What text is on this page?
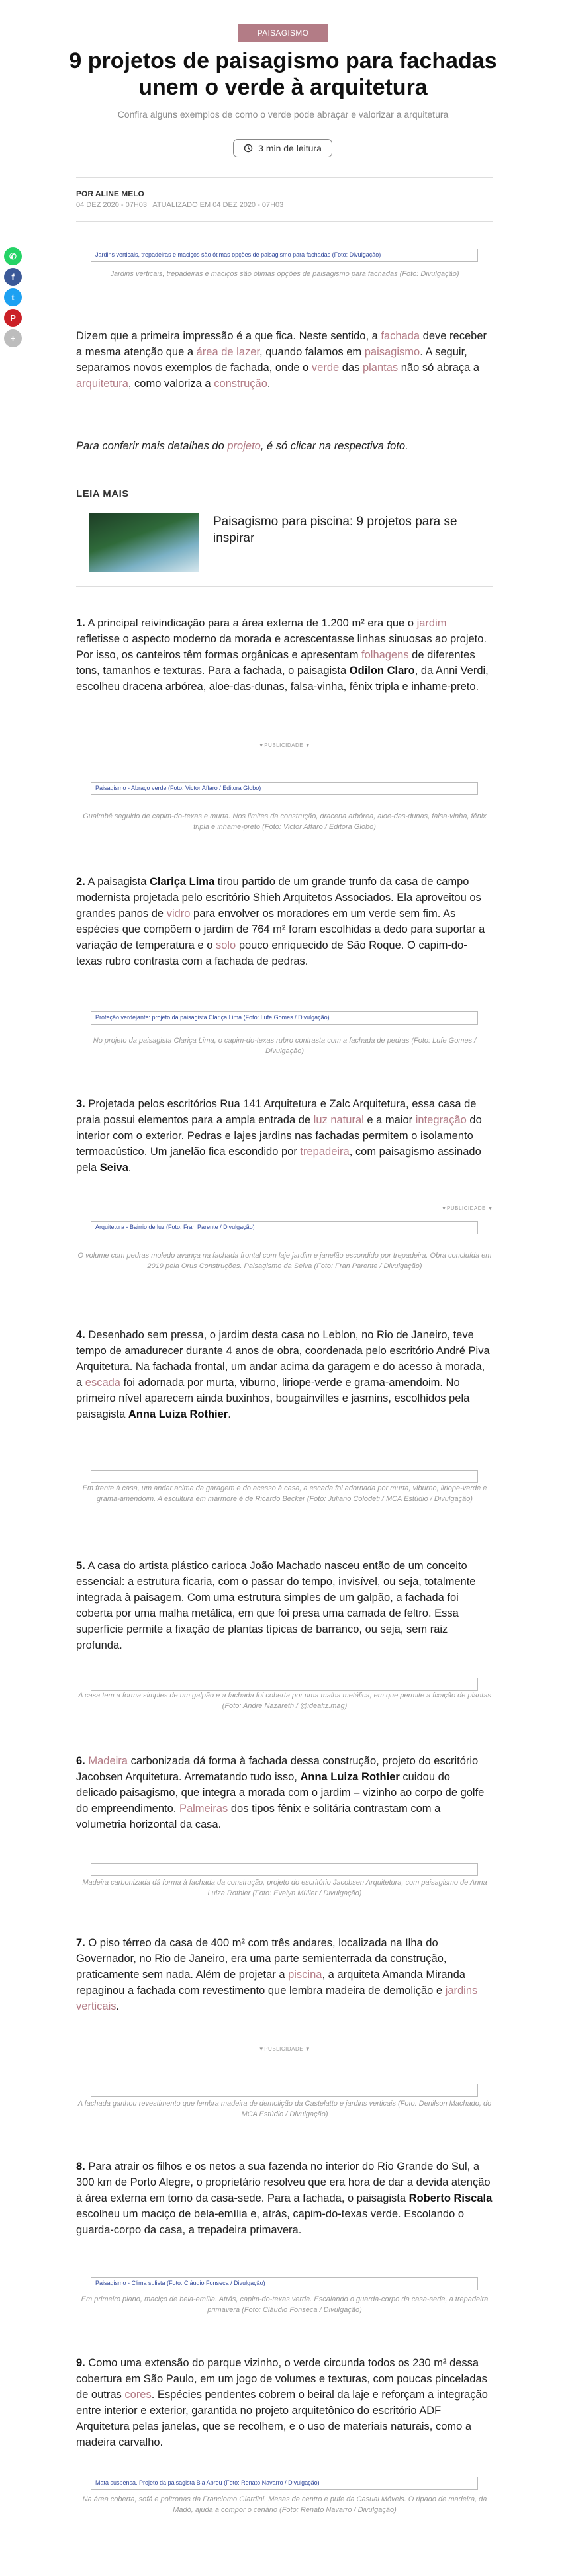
PAISAGISMO
9 projetos de paisagismo para fachadas unem o verde à arquitetura
Confira alguns exemplos de como o verde pode abraçar e valorizar a arquitetura
3 min de leitura
POR ALINE MELO
04 DEZ 2020 - 07H03 | ATUALIZADO EM 04 DEZ 2020 - 07H03
✆
f
t
P
+
Jardins verticais, trepadeiras e maciços são ótimas opções de paisagismo para fachadas (Foto: Divulgação)
Jardins verticais, trepadeiras e maciços são ótimas opções de paisagismo para fachadas (Foto: Divulgação)

Dizem que a primeira impressão é a que fica. Neste sentido, a fachada deve receber a mesma atenção que a área de lazer, quando falamos em paisagismo. A seguir, separamos novos exemplos de fachada, onde o verde das plantas não só abraça a arquitetura, como valoriza a construção.

Para conferir mais detalhes do projeto, é só clicar na respectiva foto.

LEIA MAIS
Paisagismo para piscina: 9 projetos para se inspirar

1. A principal reivindicação para a área externa de 1.200 m² era que o jardim refletisse o aspecto moderno da morada e acrescentasse linhas sinuosas ao projeto. Por isso, os canteiros têm formas orgânicas e apresentam folhagens de diferentes tons, tamanhos e texturas. Para a fachada, o paisagista Odilon Claro, da Anni Verdi, escolheu dracena arbórea, aloe-das-dunas, falsa-vinha, fênix tripla e inhame-preto.

▼PUBLICIDADE ▼
Paisagismo - Abraço verde (Foto: Victor Affaro / Editora Globo)
Guaimbê seguido de capim-do-texas e murta. Nos limites da construção, dracena arbórea, aloe-das-dunas, falsa-vinha, fênix tripla e inhame-preto (Foto: Victor Affaro / Editora Globo)

2. A paisagista Clariça Lima tirou partido de um grande trunfo da casa de campo modernista projetada pelo escritório Shieh Arquitetos Associados. Ela aproveitou os grandes panos de vidro para envolver os moradores em um verde sem fim. As espécies que compõem o jardim de 764 m² foram escolhidas a dedo para suportar a variação de temperatura e o solo pouco enriquecido de São Roque. O capim-do-texas rubro contrasta com a fachada de pedras.

Proteção verdejante: projeto da paisagista Clariça Lima (Foto: Lufe Gomes / Divulgação)
No projeto da paisagista Clariça Lima, o capim-do-texas rubro contrasta com a fachada de pedras (Foto: Lufe Gomes / Divulgação)

3. Projetada pelos escritórios Rua 141 Arquitetura e Zalc Arquitetura, essa casa de praia possui elementos para a ampla entrada de luz natural e a maior integração do interior com o exterior. Pedras e lajes jardins nas fachadas permitem o isolamento termoacústico. Um janelão fica escondido por trepadeira, com paisagismo assinado pela Seiva.

▼PUBLICIDADE ▼
Arquitetura - Bairrio de luz (Foto: Fran Parente / Divulgação)
O volume com pedras moledo avança na fachada frontal com laje jardim e janelão escondido por trepadeira. Obra concluída em 2019 pela Orus Construções. Paisagismo da Seiva (Foto: Fran Parente / Divulgação)

4. Desenhado sem pressa, o jardim desta casa no Leblon, no Rio de Janeiro, teve tempo de amadurecer durante 4 anos de obra, coordenada pelo escritório André Piva Arquitetura. Na fachada frontal, um andar acima da garagem e do acesso à morada, a escada foi adornada por murta, viburno, liriope-verde e grama-amendoim. No primeiro nível aparecem ainda buxinhos, bougainvilles e jasmins, escolhidos pela paisagista Anna Luiza Rothier.

Em frente à casa, um andar acima da garagem e do acesso à casa, a escada foi adornada por murta, viburno, liriope-verde e grama-amendoim. A escultura em mármore é de Ricardo Becker (Foto: Juliano Colodeti / MCA Estúdio / Divulgação)

5. A casa do artista plástico carioca João Machado nasceu então de um conceito essencial: a estrutura ficaria, com o passar do tempo, invisível, ou seja, totalmente integrada à paisagem. Com uma estrutura simples de um galpão, a fachada foi coberta por uma malha metálica, em que foi presa uma camada de feltro. Essa superfície permite a fixação de plantas típicas de barranco, ou seja, sem raiz profunda.

A casa tem a forma simples de um galpão e a fachada foi coberta por uma malha metálica, em que permite a fixação de plantas (Foto: Andre Nazareth / @ideafiz.mag)

6. Madeira carbonizada dá forma à fachada dessa construção, projeto do escritório Jacobsen Arquitetura. Arrematando tudo isso, Anna Luiza Rothier cuidou do delicado paisagismo, que integra a morada com o jardim – vizinho ao corpo de golfe do empreendimento. Palmeiras dos tipos fênix e solitária contrastam com a volumetria horizontal da casa.

Madeira carbonizada dá forma à fachada da construção, projeto do escritório Jacobsen Arquitetura, com paisagismo de Anna Luiza Rothier (Foto: Evelyn Müller / Divulgação)

7. O piso térreo da casa de 400 m² com três andares, localizada na Ilha do Governador, no Rio de Janeiro, era uma parte semienterrada da construção, praticamente sem nada. Além de projetar a piscina, a arquiteta Amanda Miranda repaginou a fachada com revestimento que lembra madeira de demolição e jardins verticais.

▼PUBLICIDADE ▼
A fachada ganhou revestimento que lembra madeira de demolição da Castelatto e jardins verticais (Foto: Denilson Machado, do MCA Estúdio / Divulgação)

8. Para atrair os filhos e os netos a sua fazenda no interior do Rio Grande do Sul, a 300 km de Porto Alegre, o proprietário resolveu que era hora de dar a devida atenção à área externa em torno da casa-sede. Para a fachada, o paisagista Roberto Riscala escolheu um maciço de bela-emília e, atrás, capim-do-texas verde. Escolando o guarda-corpo da casa, a trepadeira primavera.

Paisagismo - Clima sulista (Foto: Cláudio Fonseca / Divulgação)
Em primeiro plano, maciço de bela-emília. Atrás, capim-do-texas verde. Escalando o guarda-corpo da casa-sede, a trepadeira primavera (Foto: Cláudio Fonseca / Divulgação)

9. Como uma extensão do parque vizinho, o verde circunda todos os 230 m² dessa cobertura em São Paulo, em um jogo de volumes e texturas, com poucas pinceladas de outras cores. Espécies pendentes cobrem o beiral da laje e reforçam a integração entre interior e exterior, garantida no projeto arquitetônico do escritório ADF Arquitetura pelas janelas, que se recolhem, e o uso de materiais naturais, como a madeira carvalho.

Mata suspensa. Projeto da paisagista Bia Abreu (Foto: Renato Navarro / Divulgação)
Na área coberta, sofá e poltronas da Franciomo Giardini. Mesas de centro e pufe da Casual Móveis. O ripado de madeira, da Madó, ajuda a compor o cenário (Foto: Renato Navarro / Divulgação)
